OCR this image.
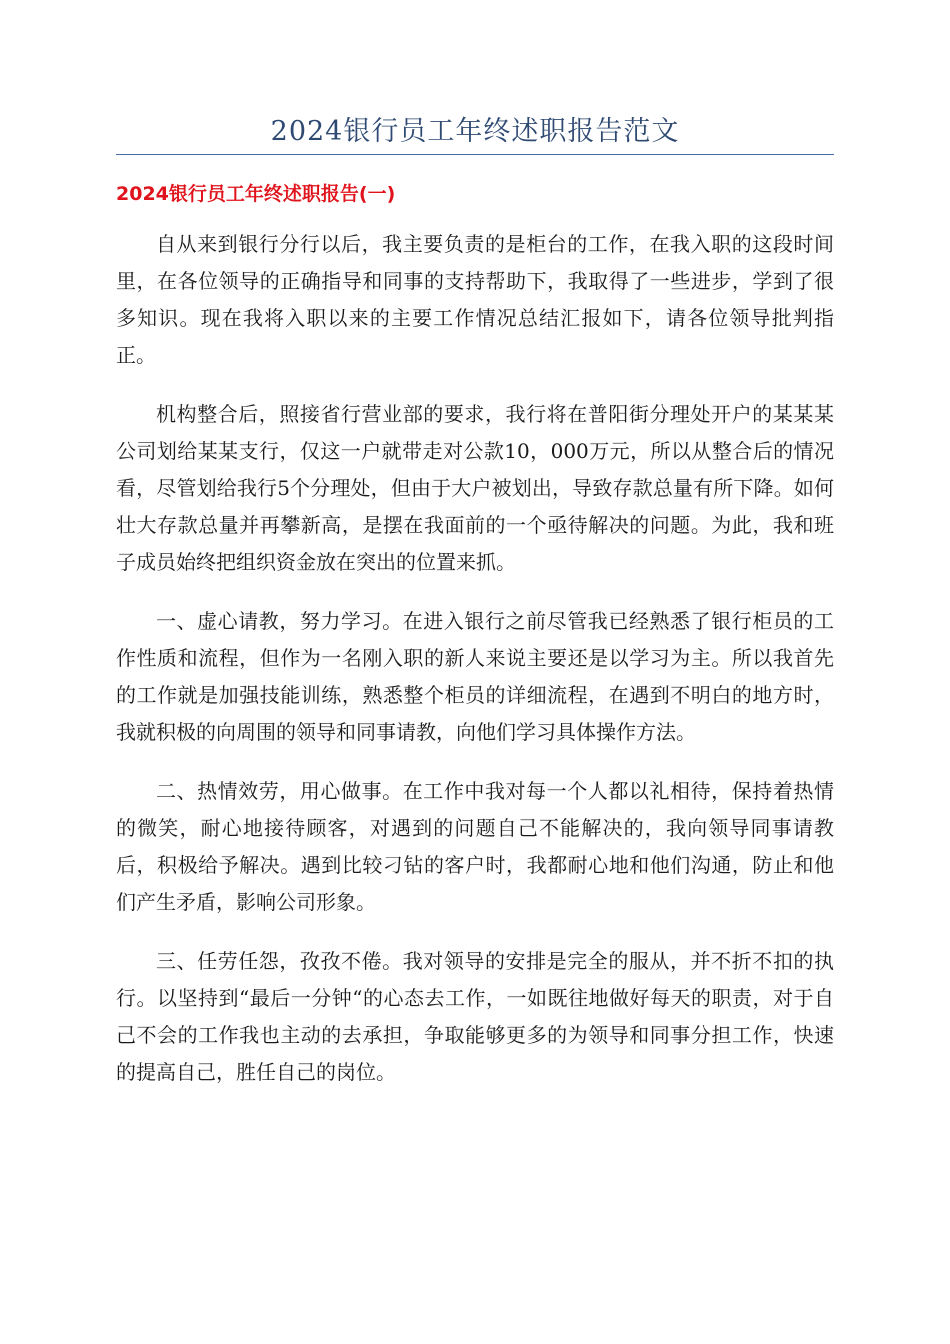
2024银行员工年终述职报告范文
2024银行员工年终述职报告(一)

自从来到银行分行以后，我主要负责的是柜台的工作，在我入职的这段时间里，在各位领导的正确指导和同事的支持帮助下，我取得了一些进步，学到了很多知识。现在我将入职以来的主要工作情况总结汇报如下，请各位领导批判指正。

机构整合后，照接省行营业部的要求，我行将在普阳街分理处开户的某某某公司划给某某支行，仅这一户就带走对公款10，000万元，所以从整合后的情况看，尽管划给我行5个分理处，但由于大户被划出，导致存款总量有所下降。如何壮大存款总量并再攀新高，是摆在我面前的一个亟待解决的问题。为此，我和班子成员始终把组织资金放在突出的位置来抓。

一、虚心请教，努力学习。在进入银行之前尽管我已经熟悉了银行柜员的工作性质和流程，但作为一名刚入职的新人来说主要还是以学习为主。所以我首先的工作就是加强技能训练，熟悉整个柜员的详细流程，在遇到不明白的地方时，我就积极的向周围的领导和同事请教，向他们学习具体操作方法。

二、热情效劳，用心做事。在工作中我对每一个人都以礼相待，保持着热情的微笑，耐心地接待顾客，对遇到的问题自己不能解决的，我向领导同事请教后，积极给予解决。遇到比较刁钻的客户时，我都耐心地和他们沟通，防止和他们产生矛盾，影响公司形象。

三、任劳任怨，孜孜不倦。我对领导的安排是完全的服从，并不折不扣的执行。以坚持到“最后一分钟“的心态去工作，一如既往地做好每天的职责，对于自己不会的工作我也主动的去承担，争取能够更多的为领导和同事分担工作，快速的提高自己，胜任自己的岗位。
